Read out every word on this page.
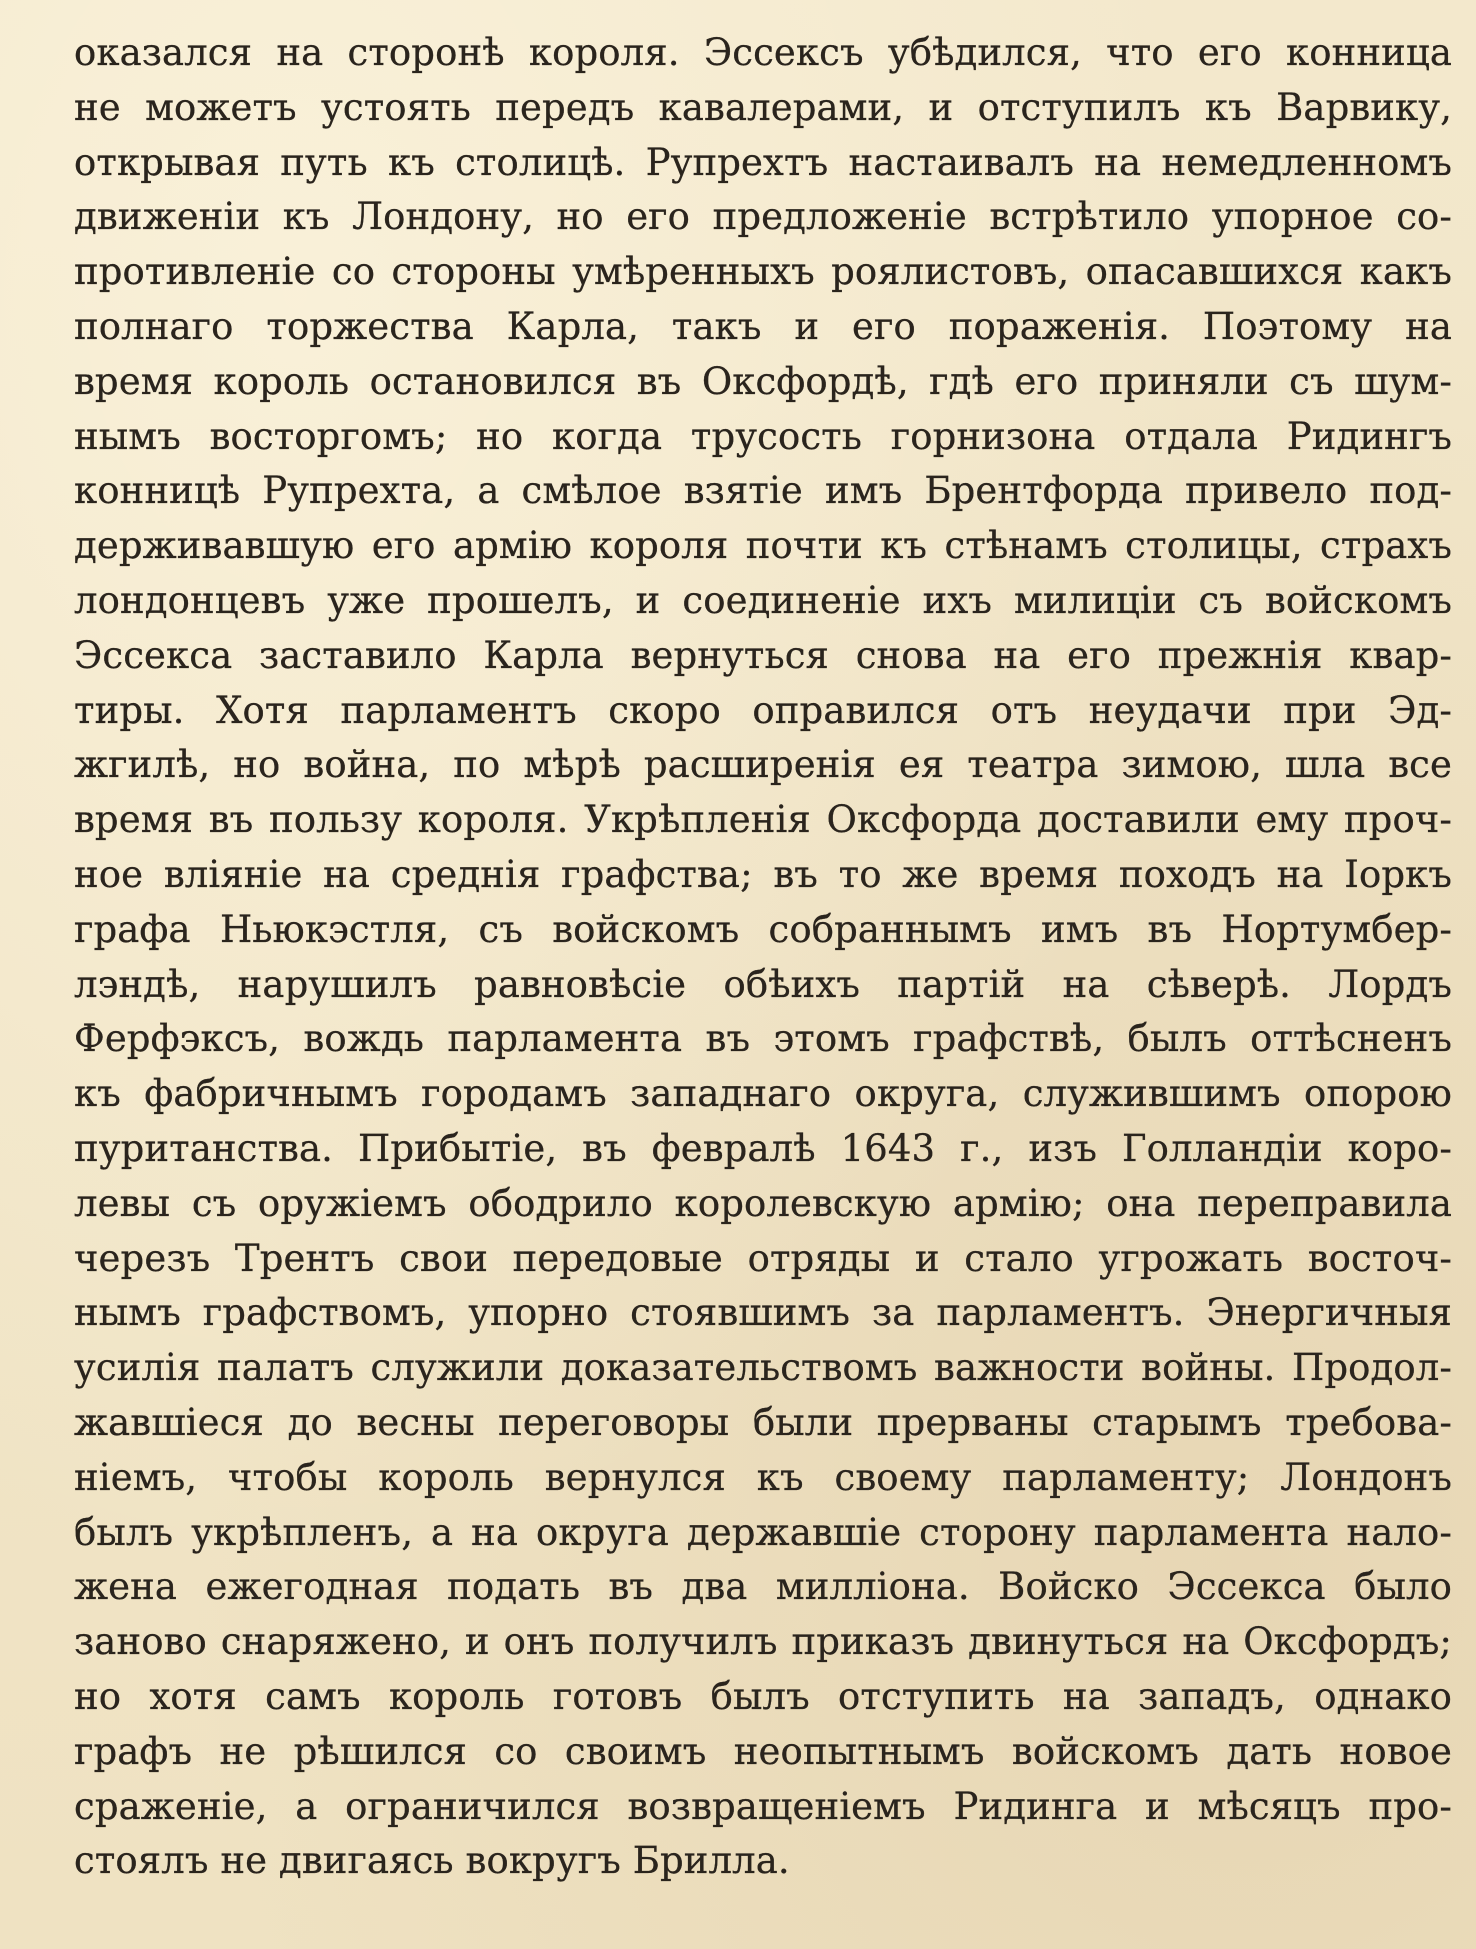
оказался на сторонѣ короля. Эссексъ убѣдился, что его конница
не можетъ устоять передъ кавалерами, и отступилъ къ Варвику,
открывая путь къ столицѣ. Рупрехтъ настаивалъ на немедленномъ
движеніи къ Лондону, но его предложеніе встрѣтило упорное со-
противленіе со стороны умѣренныхъ роялистовъ, опасавшихся какъ
полнаго торжества Карла, такъ и его пораженія. Поэтому на
время король остановился въ Оксфордѣ, гдѣ его приняли съ шум-
нымъ восторгомъ; но когда трусость горнизона отдала Ридингъ
конницѣ Рупрехта, а смѣлое взятіе имъ Брентфорда привело под-
держивавшую его армію короля почти къ стѣнамъ столицы, страхъ
лондонцевъ уже прошелъ, и соединеніе ихъ милиціи съ войскомъ
Эссекса заставило Карла вернуться снова на его прежнія квар-
тиры. Хотя парламентъ скоро оправился отъ неудачи при Эд-
жгилѣ, но война, по мѣрѣ расширенія ея театра зимою, шла все
время въ пользу короля. Укрѣпленія Оксфорда доставили ему проч-
ное вліяніе на среднія графства; въ то же время походъ на Іоркъ
графа Ньюкэстля, съ войскомъ собраннымъ имъ въ Нортумбер-
лэндѣ, нарушилъ равновѣсіе обѣихъ партій на сѣверѣ. Лордъ
Ферфэксъ, вождь парламента въ этомъ графствѣ, былъ оттѣсненъ
къ фабричнымъ городамъ западнаго округа, служившимъ опорою
пуританства. Прибытіе, въ февралѣ 1643 г., изъ Голландіи коро-
левы съ оружіемъ ободрило королевскую армію; она переправила
черезъ Трентъ свои передовые отряды и стало угрожать восточ-
нымъ графствомъ, упорно стоявшимъ за парламентъ. Энергичныя
усилія палатъ служили доказательствомъ важности войны. Продол-
жавшіеся до весны переговоры были прерваны старымъ требова-
ніемъ, чтобы король вернулся къ своему парламенту; Лондонъ
былъ укрѣпленъ, а на округа державшіе сторону парламента нало-
жена ежегодная подать въ два милліона. Войско Эссекса было
заново снаряжено, и онъ получилъ приказъ двинуться на Оксфордъ;
но хотя самъ король готовъ былъ отступить на западъ, однако
графъ не рѣшился со своимъ неопытнымъ войскомъ дать новое
сраженіе, а ограничился возвращеніемъ Ридинга и мѣсяцъ про-
стоялъ не двигаясь вокругъ Брилла.
